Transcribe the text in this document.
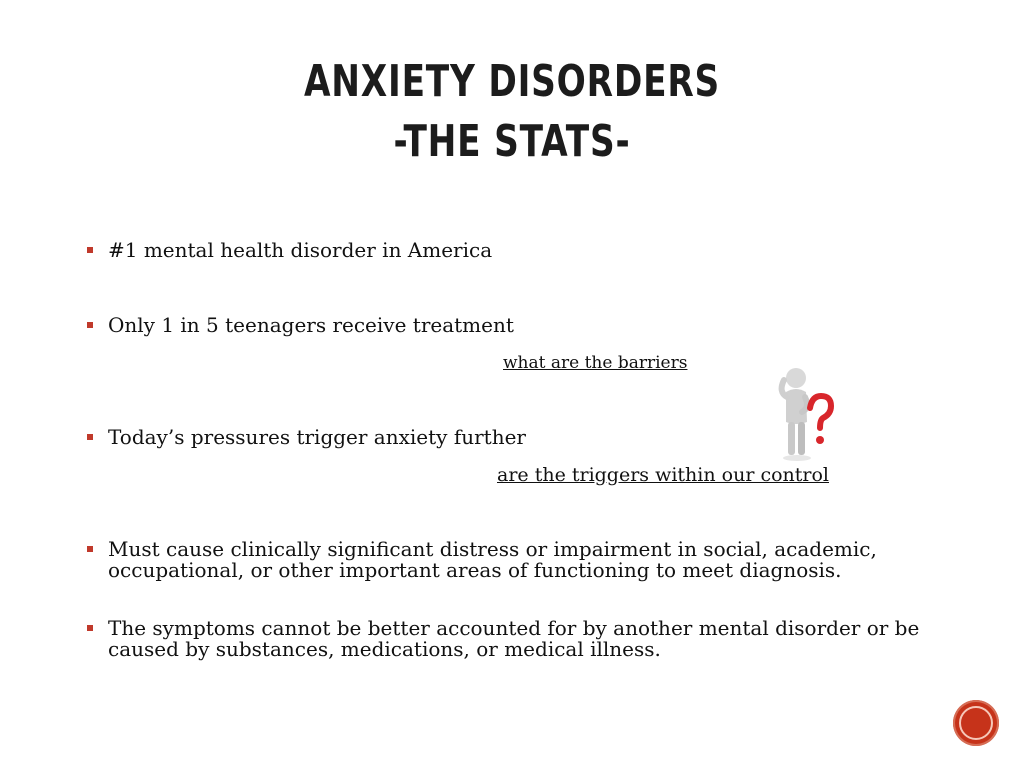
ANXIETY DISORDERS
-THE STATS-
#1 mental health disorder in America
Only 1 in 5 teenagers receive treatment
what are the barriers
Today’s pressures trigger anxiety further
are the triggers within our control
Must cause clinically significant distress or impairment in social, academic, occupational, or other important areas of functioning to meet diagnosis.
The symptoms cannot be better accounted for by another mental disorder or be caused by substances, medications, or medical illness.
